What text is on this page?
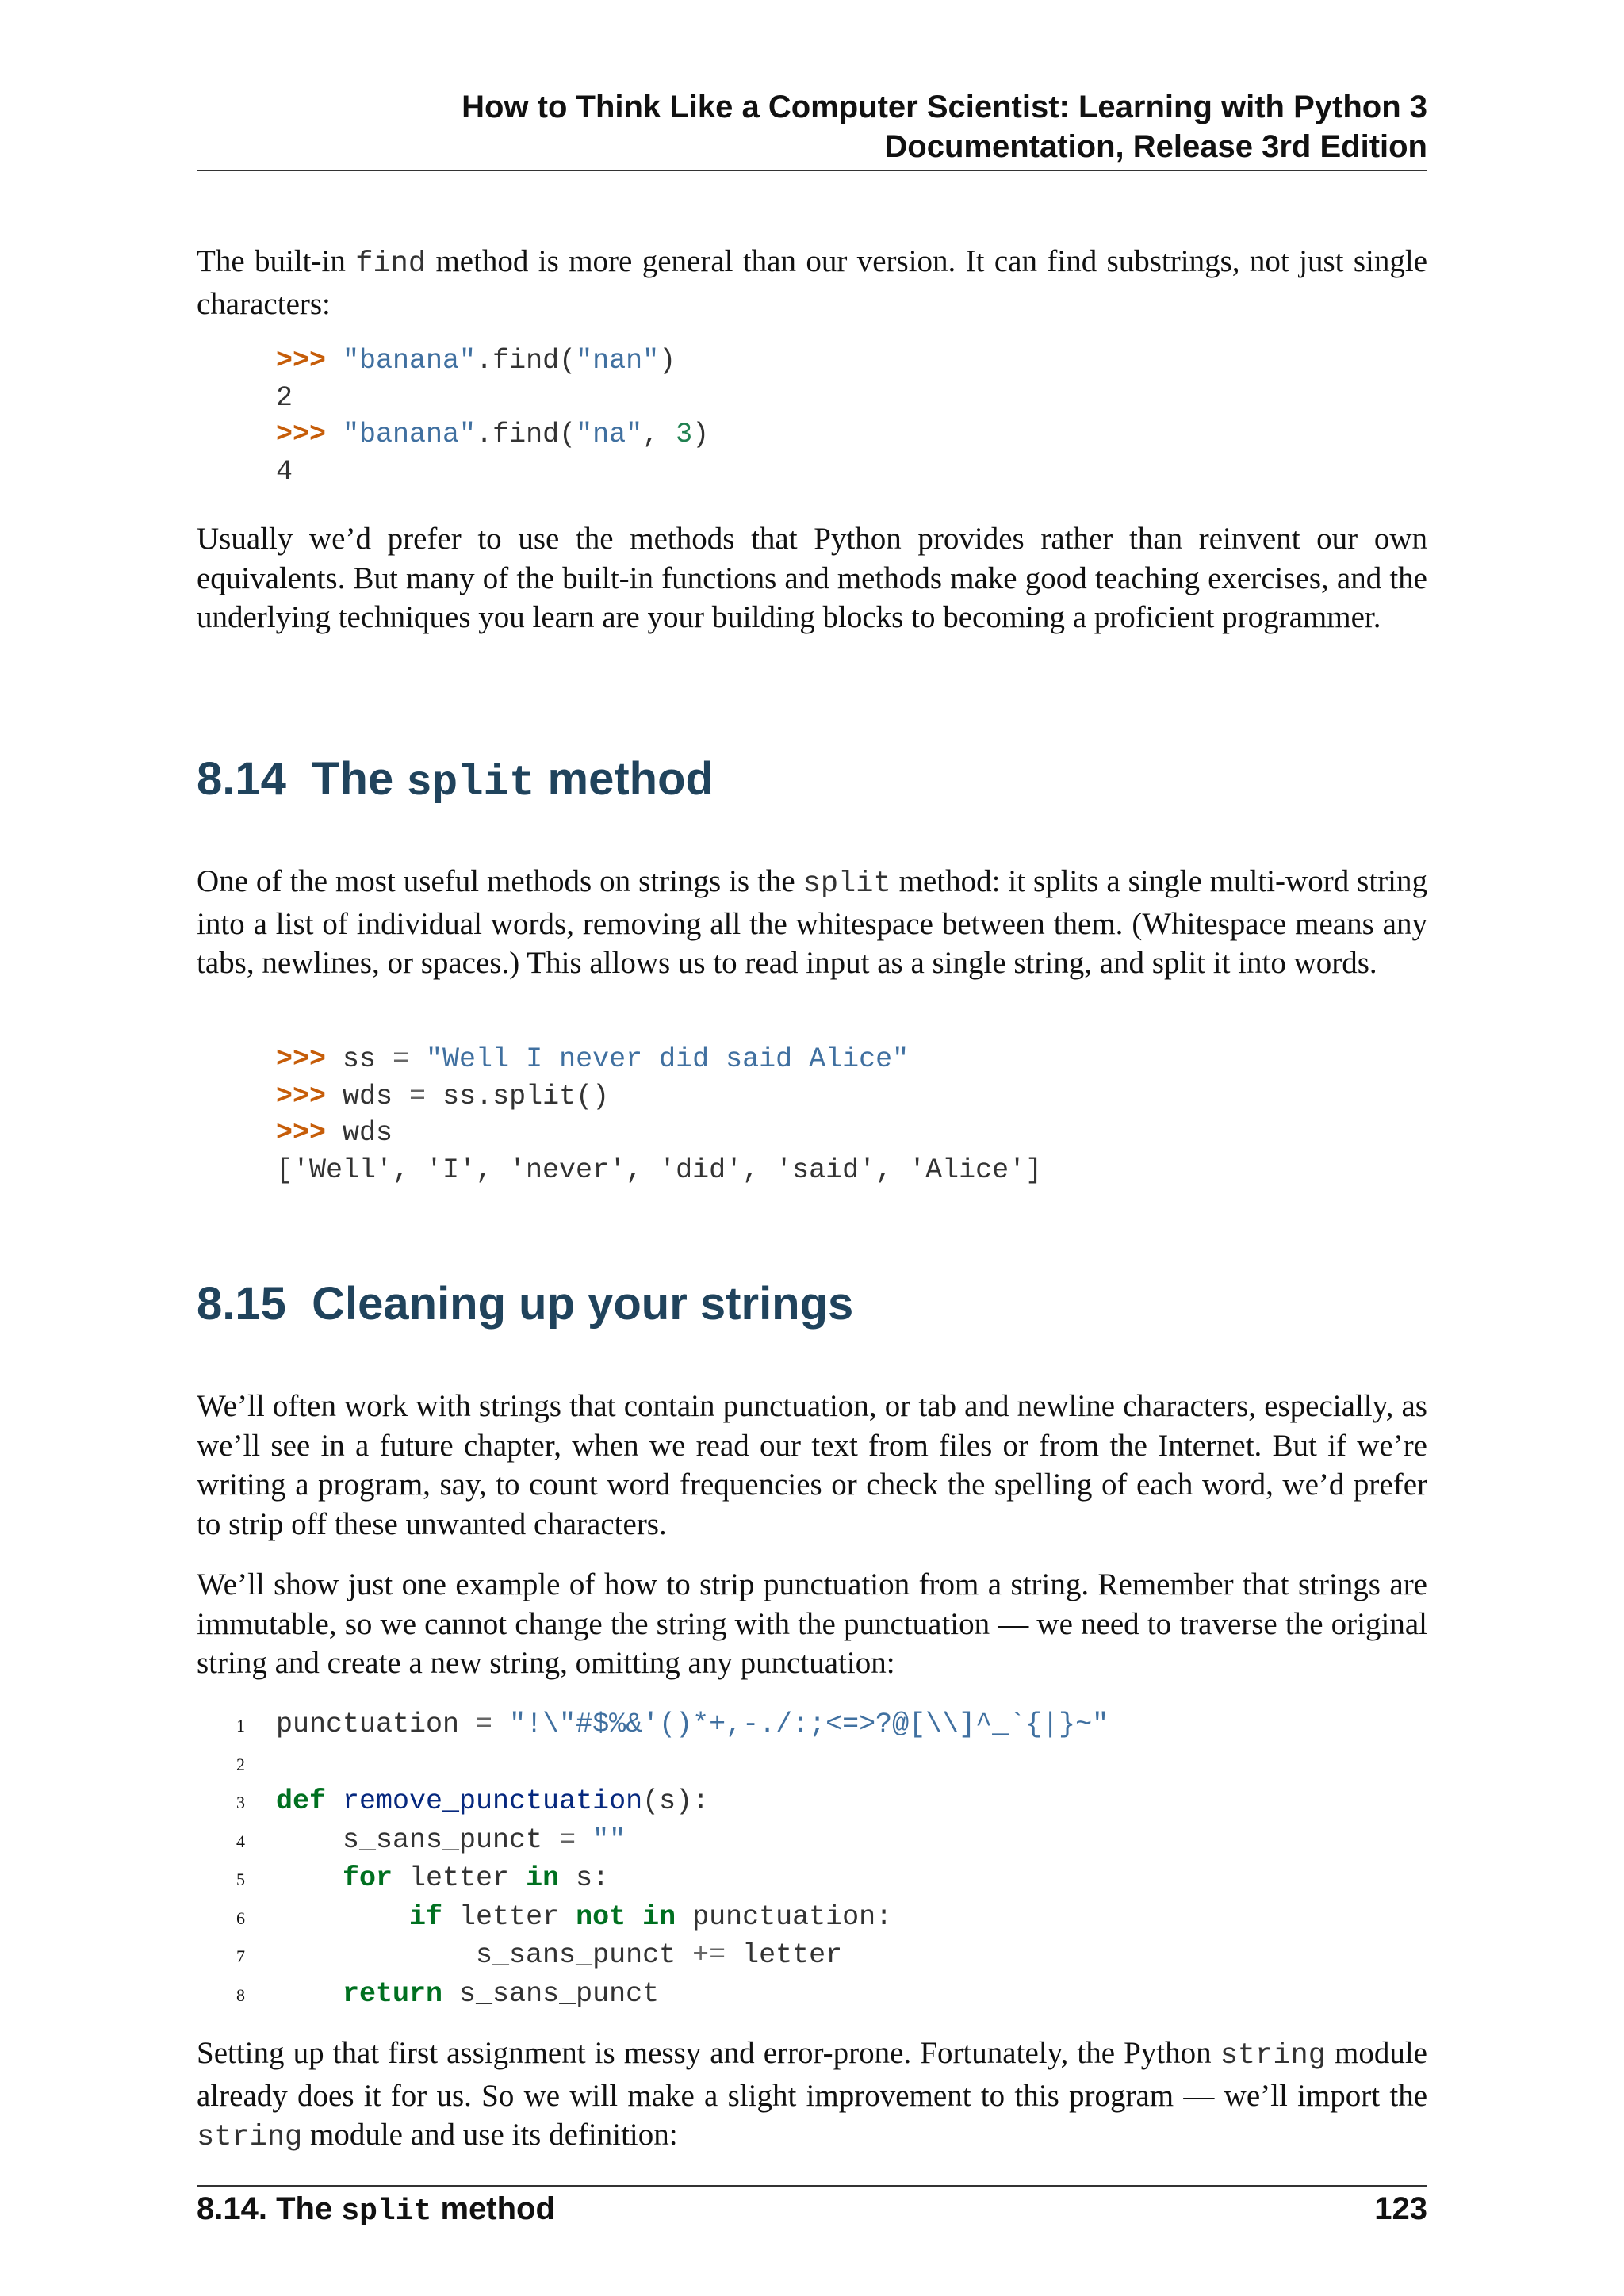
How to Think Like a Computer Scientist: Learning with Python 3
Documentation, Release 3rd Edition
The built-in find method is more general than our version. It can find substrings, not just single characters:
>>> "banana".find("nan")
2
>>> "banana".find("na", 3)
4
Usually we’d prefer to use the methods that Python provides rather than reinvent our own equivalents. But many of the built-in functions and methods make good teaching exercises, and the underlying techniques you learn are your building blocks to becoming a proficient programmer.
8.14 The split method
One of the most useful methods on strings is the split method: it splits a single multi-word string into a list of individual words, removing all the whitespace between them. (Whitespace means any tabs, newlines, or spaces.) This allows us to read input as a single string, and split it into words.
>>> ss = "Well I never did said Alice"
>>> wds = ss.split()
>>> wds
['Well', 'I', 'never', 'did', 'said', 'Alice']
8.15 Cleaning up your strings
We’ll often work with strings that contain punctuation, or tab and newline characters, especially, as we’ll see in a future chapter, when we read our text from files or from the Internet. But if we’re writing a program, say, to count word frequencies or check the spelling of each word, we’d prefer to strip off these unwanted characters.
We’ll show just one example of how to strip punctuation from a string. Remember that strings are immutable, so we cannot change the string with the punctuation — we need to traverse the original string and create a new string, omitting any punctuation:
1 punctuation = "!\"#$%&'()*+,-./:;<=>?@[\\]^_`{|}~"
2
3 def remove_punctuation(s):
4    s_sans_punct = ""
5    for letter in s:
6        if letter not in punctuation:
7            s_sans_punct += letter
8    return s_sans_punct
Setting up that first assignment is messy and error-prone. Fortunately, the Python string module already does it for us. So we will make a slight improvement to this program — we’ll import the string module and use its definition:
8.14. The split method	123
